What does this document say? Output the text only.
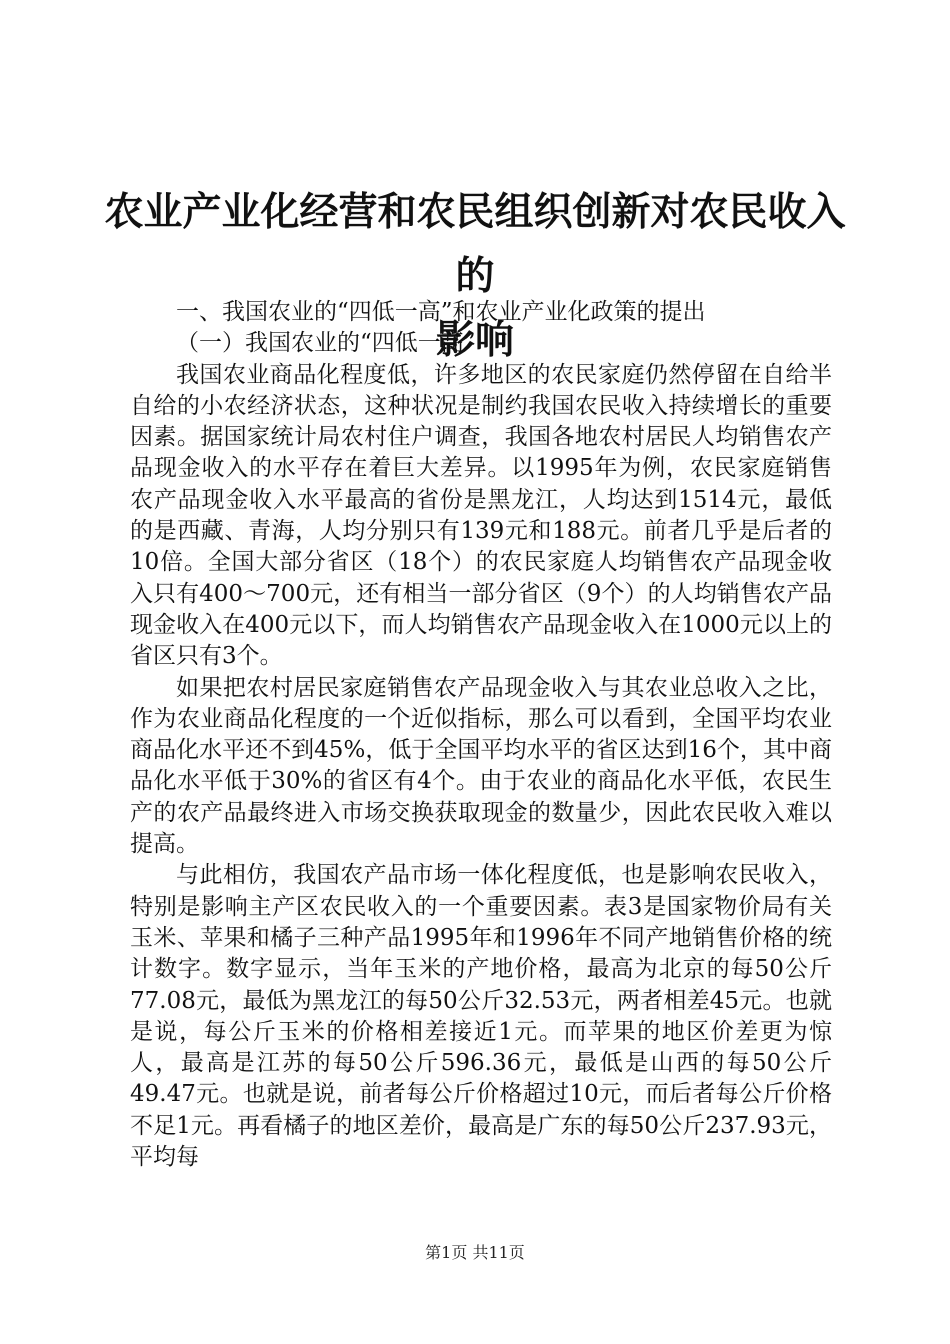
农业产业化经营和农民组织创新对农民收入的
影响

一、我国农业的“四低一高”和农业产业化政策的提出

（一）我国农业的“四低一高”

我国农业商品化程度低，许多地区的农民家庭仍然停留在自给半自给的小农经济状态，这种状况是制约我国农民收入持续增长的重要因素。据国家统计局农村住户调查，我国各地农村居民人均销售农产品现金收入的水平存在着巨大差异。以1995年为例，农民家庭销售农产品现金收入水平最高的省份是黑龙江，人均达到1514元，最低的是西藏、青海，人均分别只有139元和188元。前者几乎是后者的10倍。全国大部分省区（18个）的农民家庭人均销售农产品现金收入只有400～700元，还有相当一部分省区（9个）的人均销售农产品现金收入在400元以下，而人均销售农产品现金收入在1000元以上的省区只有3个。

如果把农村居民家庭销售农产品现金收入与其农业总收入之比，作为农业商品化程度的一个近似指标，那么可以看到，全国平均农业商品化水平还不到45%，低于全国平均水平的省区达到16个，其中商品化水平低于30%的省区有4个。由于农业的商品化水平低，农民生产的农产品最终进入市场交换获取现金的数量少，因此农民收入难以提高。

与此相仿，我国农产品市场一体化程度低，也是影响农民收入，特别是影响主产区农民收入的一个重要因素。表3是国家物价局有关玉米、苹果和橘子三种产品1995年和1996年不同产地销售价格的统计数字。数字显示，当年玉米的产地价格，最高为北京的每50公斤77.08元，最低为黑龙江的每50公斤32.53元，两者相差45元。也就是说，每公斤玉米的价格相差接近1元。而苹果的地区价差更为惊人，最高是江苏的每50公斤596.36元，最低是山西的每50公斤49.47元。也就是说，前者每公斤价格超过10元，而后者每公斤价格不足1元。再看橘子的地区差价，最高是广东的每50公斤237.93元，平均每

第1页 共11页
